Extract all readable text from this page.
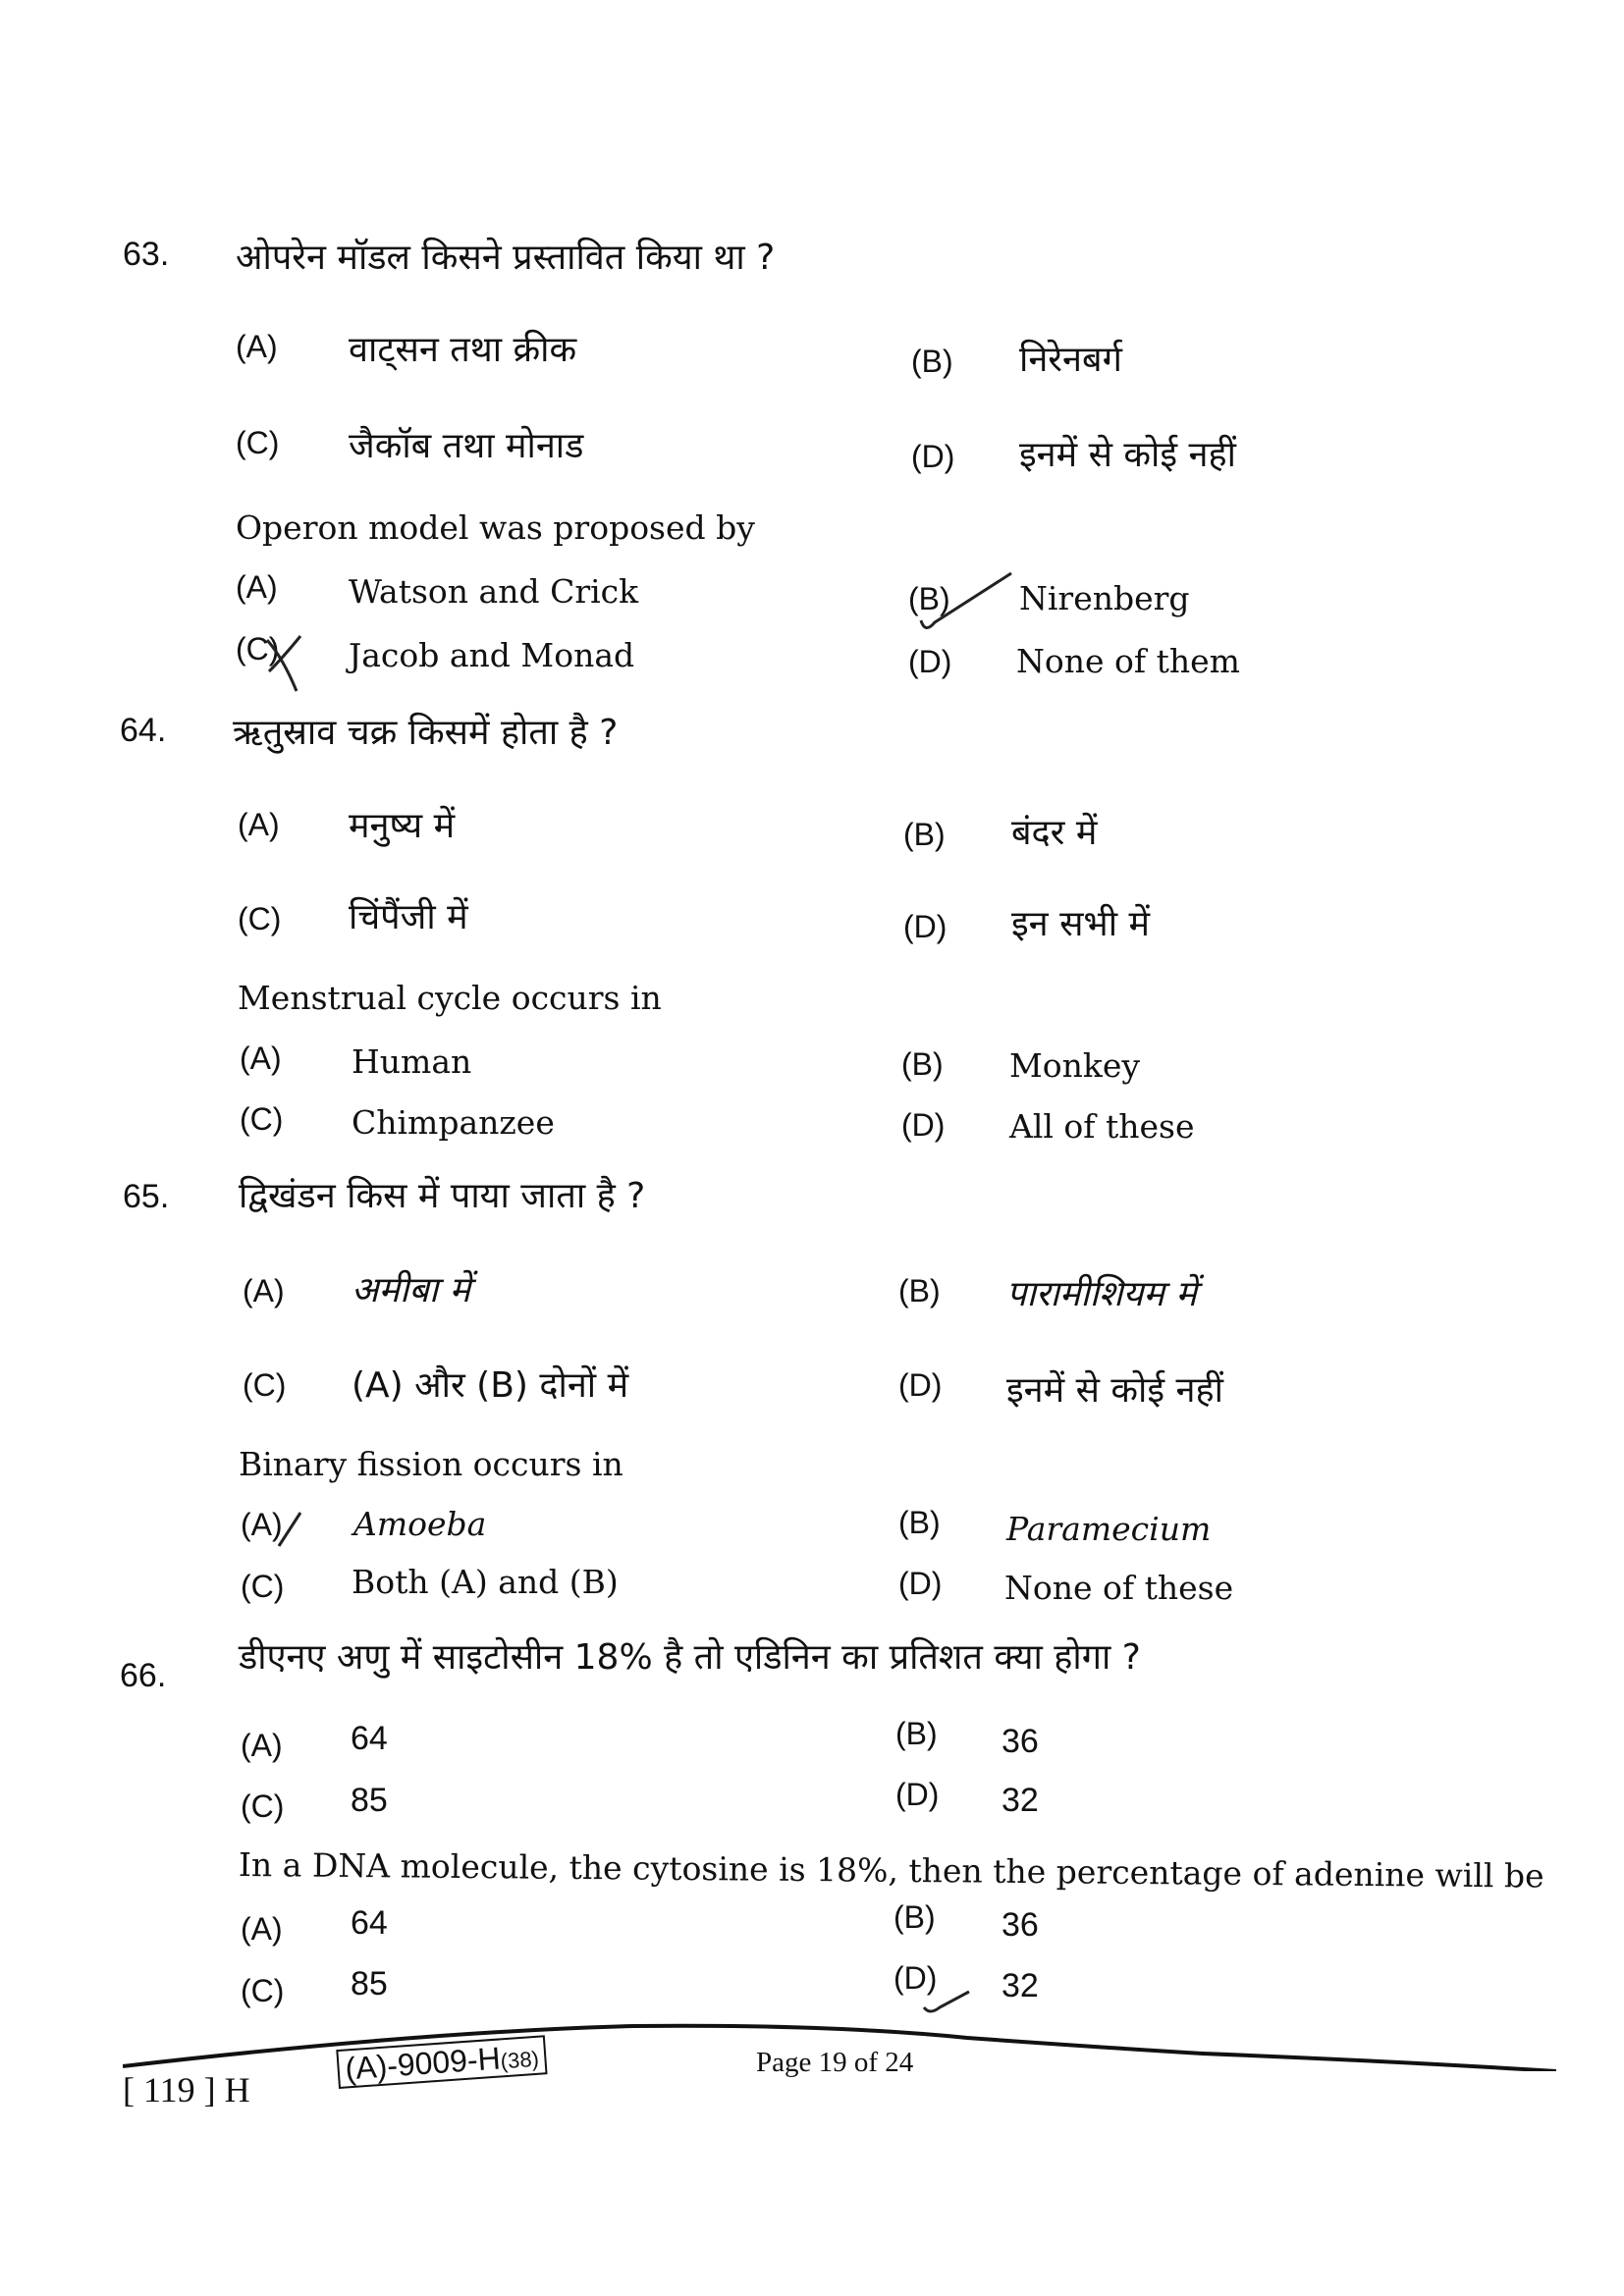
63. ओपरेन मॉडल किसने प्रस्तावित किया था ?
(A) वाट्सन तथा क्रीक	(B) निरेनबर्ग
(C) जैकॉब तथा मोनाड	(D) इनमें से कोई नहीं
Operon model was proposed by
(A) Watson and Crick	(B) Nirenberg
(C) Jacob and Monad	(D) None of them
64. ऋतुस्राव चक्र किसमें होता है ?
(A) मनुष्य में	(B) बंदर में
(C) चिंपैंजी में	(D) इन सभी में
Menstrual cycle occurs in
(A) Human	(B) Monkey
(C) Chimpanzee	(D) All of these
65. द्विखंडन किस में पाया जाता है ?
(A) अमीबा में	(B) पारामीशियम में
(C) (A) और (B) दोनों में	(D) इनमें से कोई नहीं
Binary fission occurs in
(A) Amoeba	(B) Paramecium
(C) Both (A) and (B)	(D) None of these
66. डीएनए अणु में साइटोसीन 18% है तो एडिनिन का प्रतिशत क्या होगा ?
(A) 64	(B) 36
(C) 85	(D) 32
In a DNA molecule, the cytosine is 18%, then the percentage of adenine will be
(A) 64	(B) 36
(C) 85	(D) 32
[ 119 ] H
(A)-9009-H(38)	Page 19 of 24
